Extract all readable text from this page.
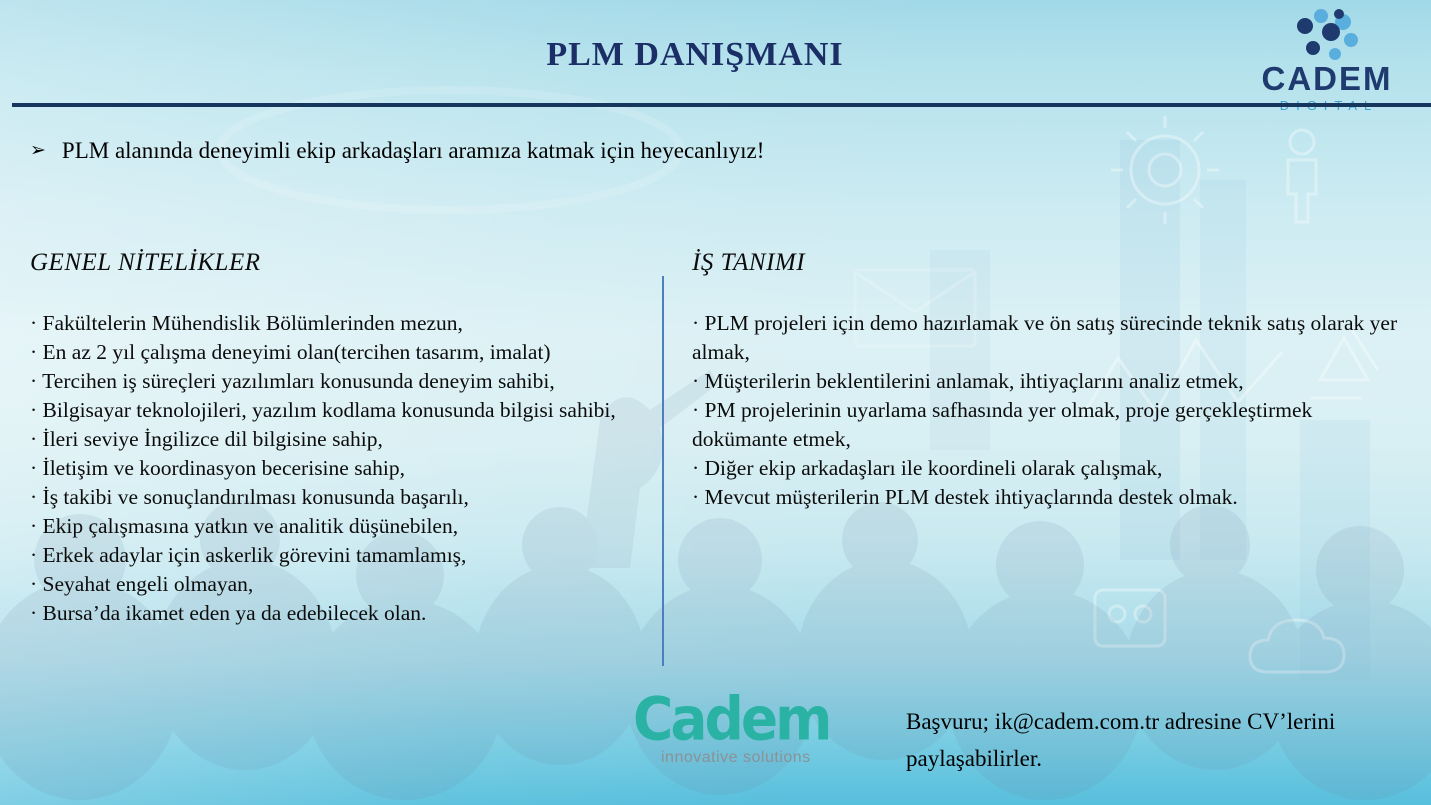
PLM DANIŞMANI
CADEM
➢ PLM alanında deneyimli ekip arkadaşları aramıza katmak için heyecanlıyız!
GENEL NİTELİKLER
· Fakültelerin Mühendislik Bölümlerinden mezun,
· En az 2 yıl çalışma deneyimi olan(tercihen tasarım, imalat)
· Tercihen iş süreçleri yazılımları konusunda deneyim sahibi,
· Bilgisayar teknolojileri, yazılım kodlama konusunda bilgisi sahibi,
· İleri seviye İngilizce dil bilgisine sahip,
· İletişim ve koordinasyon becerisine sahip,
· İş takibi ve sonuçlandırılması konusunda başarılı,
· Ekip çalışmasına yatkın ve analitik düşünebilen,
· Erkek adaylar için askerlik görevini tamamlamış,
· Seyahat engeli olmayan,
· Bursa’da ikamet eden ya da edebilecek olan.
İŞ TANIMI
· PLM projeleri için demo hazırlamak ve ön satış sürecinde teknik satış olarak yer almak,
· Müşterilerin beklentilerini anlamak, ihtiyaçlarını analiz etmek,
· PM projelerinin uyarlama safhasında yer olmak, proje gerçekleştirmek dokümante etmek,
· Diğer ekip arkadaşları ile koordineli olarak çalışmak,
· Mevcut müşterilerin PLM destek ihtiyaçlarında destek olmak.
Cadem
innovative solutions
Başvuru; ik@cadem.com.tr adresine CV’lerini paylaşabilirler.
